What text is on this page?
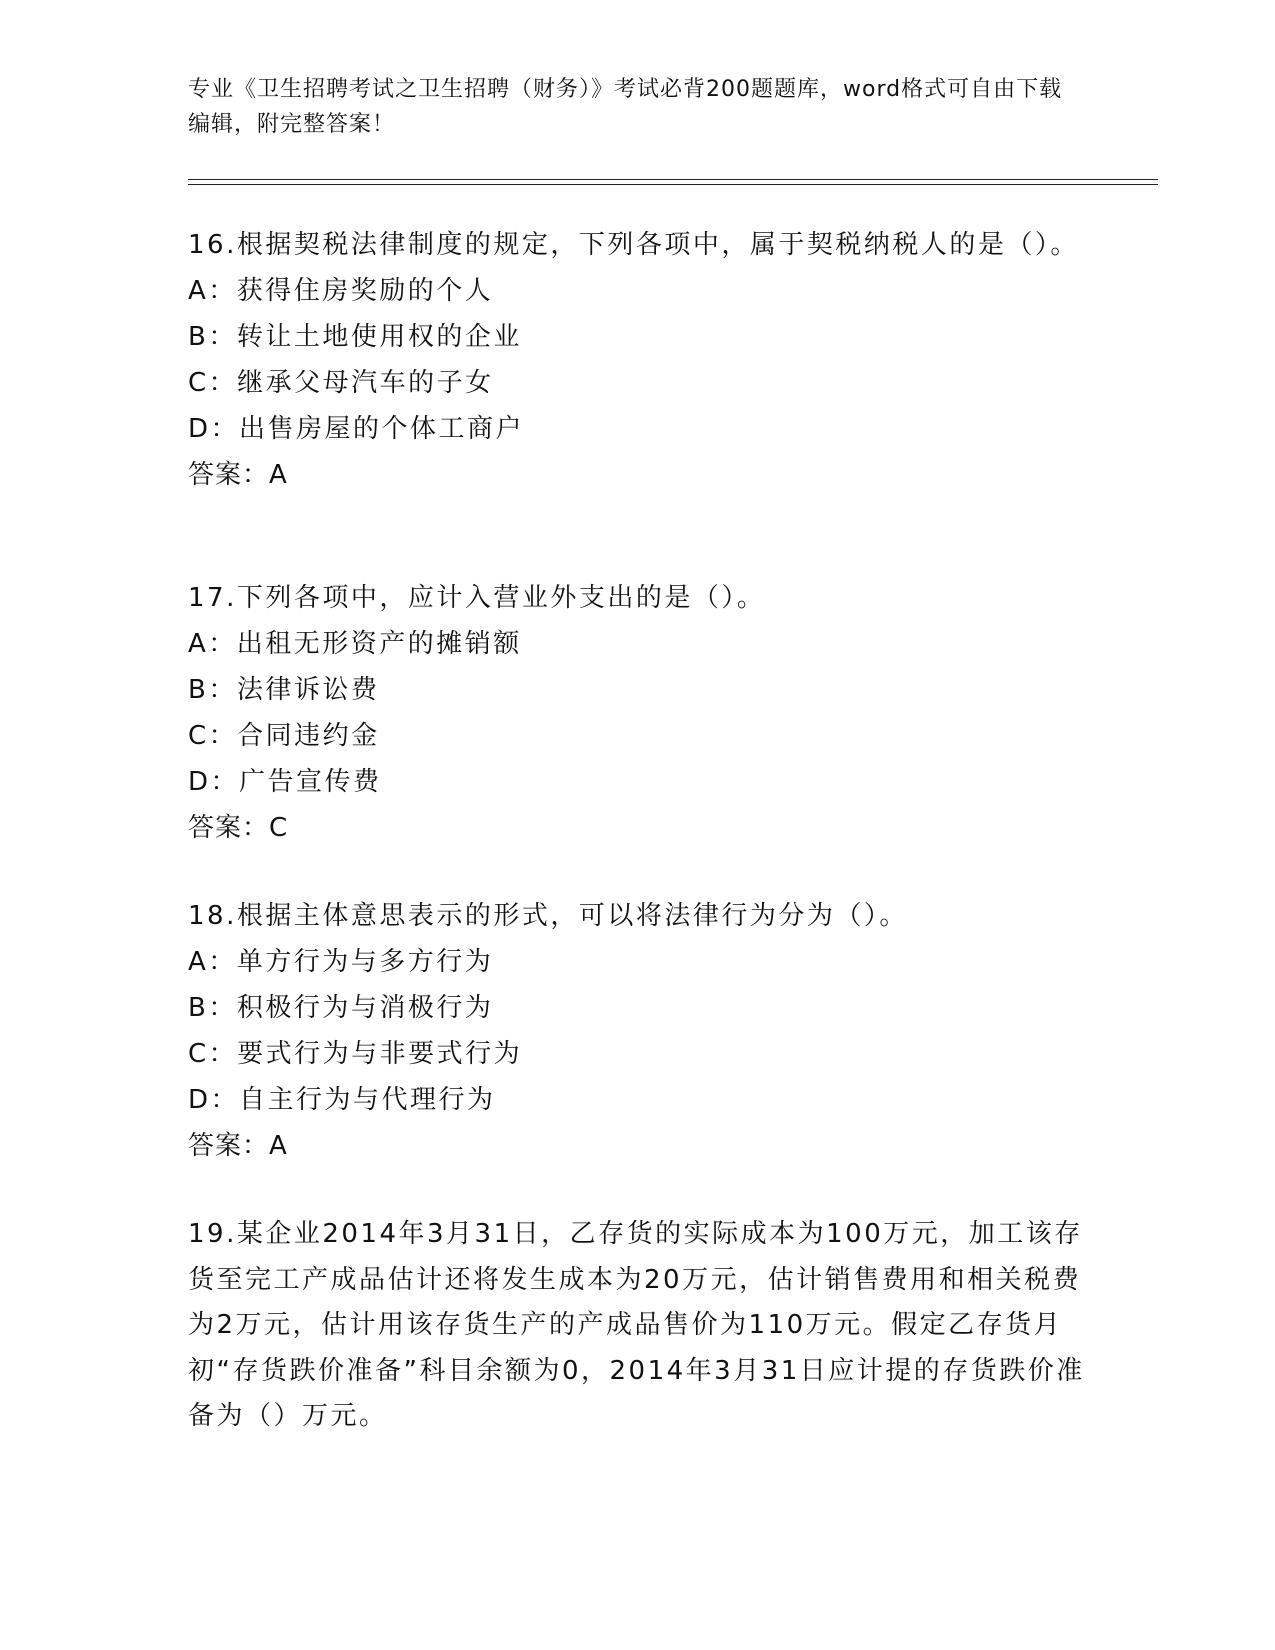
专业《卫生招聘考试之卫生招聘（财务）》考试必背200题题库，word格式可自由下载编辑，附完整答案！

16.根据契税法律制度的规定，下列各项中，属于契税纳税人的是（）。

A：获得住房奖励的个人

B：转让土地使用权的企业

C：继承父母汽车的子女

D：出售房屋的个体工商户

答案：A

17.下列各项中，应计入营业外支出的是（）。

A：出租无形资产的摊销额

B：法律诉讼费

C：合同违约金

D：广告宣传费

答案：C

18.根据主体意思表示的形式，可以将法律行为分为（）。

A：单方行为与多方行为

B：积极行为与消极行为

C：要式行为与非要式行为

D：自主行为与代理行为

答案：A

19.某企业2014年3月31日，乙存货的实际成本为100万元，加工该存货至完工产成品估计还将发生成本为20万元，估计销售费用和相关税费为2万元，估计用该存货生产的产成品售价为110万元。假定乙存货月初“存货跌价准备”科目余额为0，2014年3月31日应计提的存货跌价准备为（）万元。
